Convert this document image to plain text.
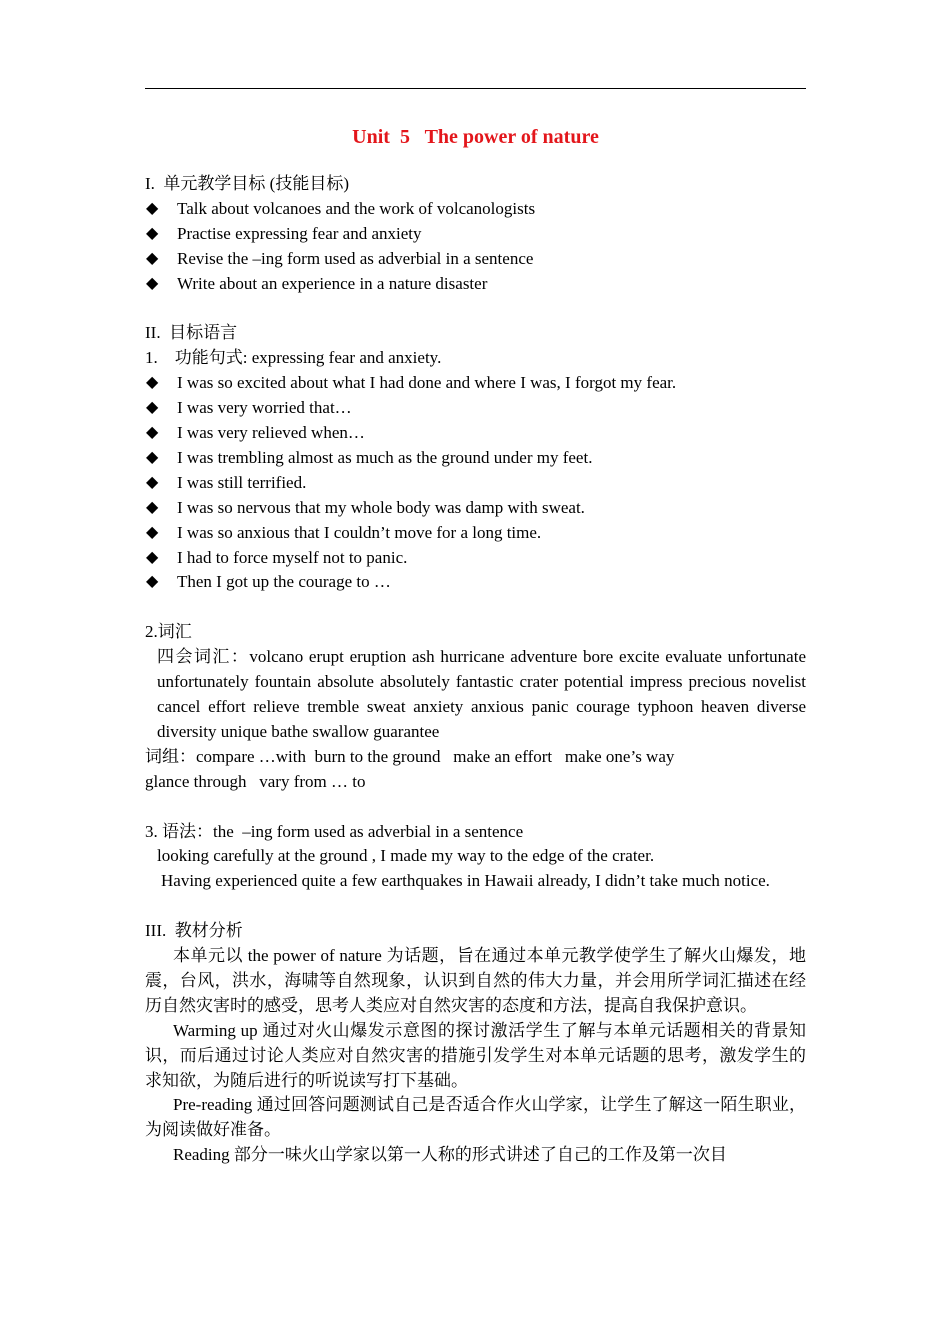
Unit  5   The power of nature
I.  单元教学目标 (技能目标)
◆	Talk about volcanoes and the work of volcanologists
◆	Practise expressing fear and anxiety
◆	Revise the –ing form used as adverbial in a sentence
◆	Write about an experience in a nature disaster
II.  目标语言
1.    功能句式: expressing fear and anxiety.
◆	I was so excited about what I had done and where I was, I forgot my fear.
◆	I was very worried that…
◆	I was very relieved when…
◆	I was trembling almost as much as the ground under my feet.
◆	I was still terrified.
◆	I was so nervous that my whole body was damp with sweat.
◆	I was so anxious that I couldn’t move for a long time.
◆	I had to force myself not to panic.
◆	Then I got up the courage to …
2.词汇
四会词汇：volcano erupt eruption ash hurricane adventure bore excite evaluate unfortunate unfortunately fountain absolute absolutely fantastic crater potential impress precious novelist cancel effort relieve tremble sweat anxiety anxious panic courage typhoon heaven diverse diversity unique bathe swallow guarantee
词组：compare …with  burn to the ground   make an effort   make one’s way
glance through   vary from … to
3. 语法：the  –ing form used as adverbial in a sentence
looking carefully at the ground , I made my way to the edge of the crater.
Having experienced quite a few earthquakes in Hawaii already, I didn’t take much notice.
III.  教材分析
本单元以 the power of nature 为话题，旨在通过本单元教学使学生了解火山爆发，地震，台风，洪水，海啸等自然现象，认识到自然的伟大力量，并会用所学词汇描述在经历自然灾害时的感受，思考人类应对自然灾害的态度和方法，提高自我保护意识。
Warming up 通过对火山爆发示意图的探讨激活学生了解与本单元话题相关的背景知识，而后通过讨论人类应对自然灾害的措施引发学生对本单元话题的思考，激发学生的求知欲，为随后进行的听说读写打下基础。
Pre-reading 通过回答问题测试自己是否适合作火山学家，让学生了解这一陌生职业，为阅读做好准备。
Reading 部分一味火山学家以第一人称的形式讲述了自己的工作及第一次目
